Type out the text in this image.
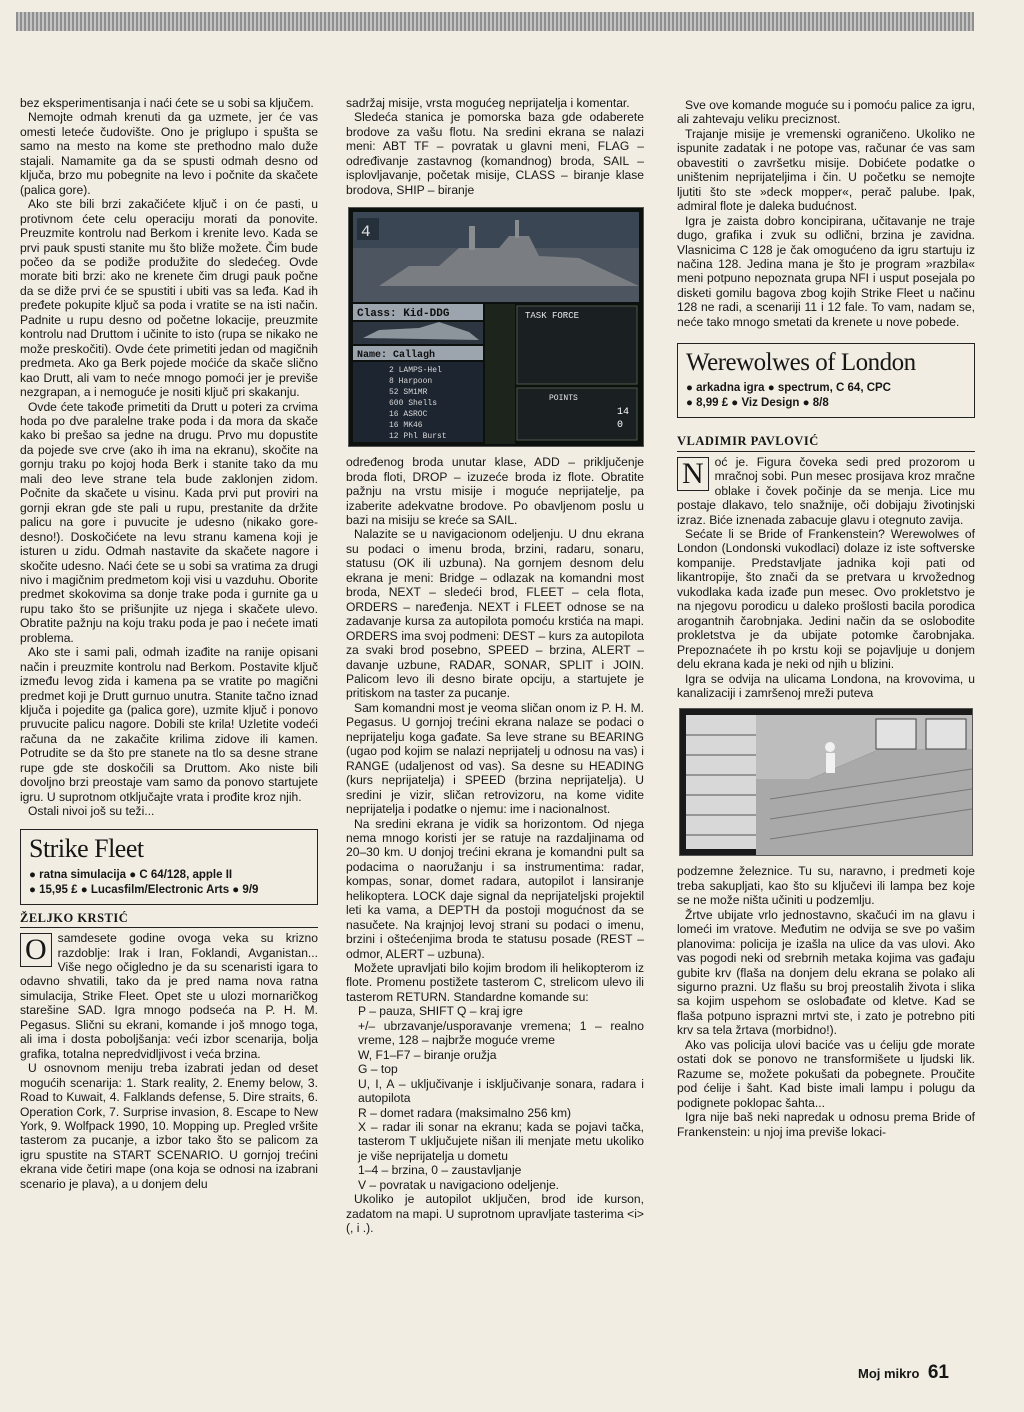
bez eksperimentisanja i naći ćete se u sobi sa ključem.

Nemojte odmah krenuti da ga uzmete, jer će vas omesti leteće čudovište. Ono je priglupo i spušta se samo na mesto na kome ste prethodno malo duže stajali. Namamite ga da se spusti odmah desno od ključa, brzo mu pobegnite na levo i počnite da skačete (palica gore).

Ako ste bili brzi zakačićete ključ i on će pasti, u protivnom ćete celu operaciju morati da ponovite. Preuzmite kontrolu nad Berkom i krenite levo. Kada se prvi pauk spusti stanite mu što bliže možete. Čim bude počeo da se podiže produžite do sledećeg. Ovde morate biti brzi: ako ne krenete čim drugi pauk počne da se diže prvi će se spustiti i ubiti vas sa leđa. Kad ih pređete pokupite ključ sa poda i vratite se na isti način. Padnite u rupu desno od početne lokacije, preuzmite kontrolu nad Druttom i učinite to isto (rupa se nikako ne može preskočiti). Ovde ćete primetiti jedan od magičnih predmeta. Ako ga Berk pojede moćiće da skače slično kao Drutt, ali vam to neće mnogo pomoći jer je previše nezgrapan, a i nemoguće je nositi ključ pri skakanju.

Ovde ćete takođe primetiti da Drutt u poteri za crvima hoda po dve paralelne trake poda i da mora da skače kako bi prešao sa jedne na drugu. Prvo mu dopustite da pojede sve crve (ako ih ima na ekranu), skočite na gornju traku po kojoj hoda Berk i stanite tako da mu mali deo leve strane tela bude zaklonjen zidom. Počnite da skačete u visinu. Kada prvi put proviri na gornji ekran gde ste pali u rupu, prestanite da držite palicu na gore i puvucite je udesno (nikako gore-desno!). Doskočićete na levu stranu kamena koji je isturen u zidu. Odmah nastavite da skačete nagore i skočite udesno. Naći ćete se u sobi sa vratima za drugi nivo i magičnim predmetom koji visi u vazduhu. Oborite predmet skokovima sa donje trake poda i gurnite ga u rupu tako što se prišunjite uz njega i skačete ulevo. Obratite pažnju na koju traku poda je pao i nećete imati problema.

Ako ste i sami pali, odmah izađite na ranije opisani način i preuzmite kontrolu nad Berkom. Postavite ključ između levog zida i kamena pa se vratite po magični predmet koji je Drutt gurnuo unutra. Stanite tačno iznad ključa i pojedite ga (palica gore), uzmite ključ i ponovo pruvucite palicu nagore. Dobili ste krila! Uzletite vodeći računa da ne zakačite krilima zidove ili kamen. Potrudite se da što pre stanete na tlo sa desne strane rupe gde ste doskočili sa Druttom. Ako niste bili dovoljno brzi preostaje vam samo da ponovo startujete igru. U suprotnom otključajte vrata i prođite kroz njih.

Ostali nivoi još su teži...

Strike Fleet
● ratna simulacija ● C 64/128, apple II
● 15,95 £ ● Lucasfilm/Electronic Arts ● 9/9
ŽELJKO KRSTIĆ

O samdesete godine ovoga veka su krizno razdoblje: Irak i Iran, Foklandi, Avganistan... Više nego očigledno je da su scenaristi igara to odavno shvatili, tako da je pred nama nova ratna simulacija, Strike Fleet. Opet ste u ulozi mornaričkog starešine SAD. Igra mnogo podseća na P. H. M. Pegasus. Slični su ekrani, komande i još mnogo toga, ali ima i dosta poboljšanja: veći izbor scenarija, bolja grafika, totalna nepredvidljivost i veća brzina.

U osnovnom meniju treba izabrati jedan od deset mogućih scenarija: 1. Stark reality, 2. Enemy below, 3. Road to Kuwait, 4. Falklands defense, 5. Dire straits, 6. Operation Cork, 7. Surprise invasion, 8. Escape to New York, 9. Wolfpack 1990, 10. Mopping up. Pregled vršite tasterom za pucanje, a izbor tako što se palicom za igru spustite na START SCENARIO. U gornjoj trećini ekrana vide četiri mape (ona koja se odnosi na izabrani scenario je plava), a u donjem delu

sadržaj misije, vrsta mogućeg neprijatelja i komentar.

Sledeća stanica je pomorska baza gde odaberete brodove za vašu flotu. Na sredini ekrana se nalazi meni: ABT TF – povratak u glavni meni, FLAG – određivanje zastavnog (komandnog) broda, SAIL – isplovljavanje, početak misije, CLASS – biranje klase brodova, SHIP – biranje

4
Class: Kid-DDG
Name: Callagh
TASK FORCE
POINTS
14
0
2 LAMPS-Hel
8 Harpoon
52 SM1MR
600 Shells
16 ASROC
16 MK46
12 Phl Burst

određenog broda unutar klase, ADD – priključenje broda floti, DROP – izuzeće broda iz flote. Obratite pažnju na vrstu misije i moguće neprijatelje, pa izaberite adekvatne brodove. Po obavljenom poslu u bazi na misiju se kreće sa SAIL.

Nalazite se u navigacionom odeljenju. U dnu ekrana su podaci o imenu broda, brzini, radaru, sonaru, statusu (OK ili uzbuna). Na gornjem desnom delu ekrana je meni: Bridge – odlazak na komandni most broda, NEXT – sledeći brod, FLEET – cela flota, ORDERS – naređenja. NEXT i FLEET odnose se na zadavanje kursa za autopilota pomoću krstića na mapi. ORDERS ima svoj podmeni: DEST – kurs za autopilota za svaki brod posebno, SPEED – brzina, ALERT – davanje uzbune, RADAR, SONAR, SPLIT i JOIN. Palicom levo ili desno birate opciju, a startujete je pritiskom na taster za pucanje.

Sam komandni most je veoma sličan onom iz P. H. M. Pegasus. U gornjoj trećini ekrana nalaze se podaci o neprijatelju koga gađate. Sa leve strane su BEARING (ugao pod kojim se nalazi neprijatelj u odnosu na vas) i RANGE (udaljenost od vas). Sa desne su HEADING (kurs neprijatelja) i SPEED (brzina neprijatelja). U sredini je vizir, sličan retrovizoru, na kome vidite neprijatelja i podatke o njemu: ime i nacionalnost.

Na sredini ekrana je vidik sa horizontom. Od njega nema mnogo koristi jer se ratuje na razdaljinama od 20–30 km. U donjoj trećini ekrana je komandni pult sa podacima o naoružanju i sa instrumentima: radar, kompas, sonar, domet radara, autopilot i lansiranje helikoptera. LOCK daje signal da neprijateljski projektil leti ka vama, a DEPTH da postoji mogućnost da se nasučete. Na krajnjoj levoj strani su podaci o imenu, brzini i oštećenjima broda te statusu posade (REST – odmor, ALERT – uzbuna).

Možete upravljati bilo kojim brodom ili helikopterom iz flote. Promenu postižete tasterom C, strelicom ulevo ili tasterom RETURN. Standardne komande su:

P – pauza, SHIFT Q – kraj igre

+/– ubrzavanje/usporavanje vremena; 1 – realno vreme, 128 – najbrže moguće vreme

W, F1–F7 – biranje oružja

G – top

U, I, A – uključivanje i isključivanje sonara, radara i autopilota

R – domet radara (maksimalno 256 km)

X – radar ili sonar na ekranu; kada se pojavi tačka, tasterom T uključujete nišan ili menjate metu ukoliko je više neprijatelja u dometu

1–4 – brzina, 0 – zaustavljanje

V – povratak u navigaciono odeljenje.

Ukoliko je autopilot uključen, brod ide kurson, zadatom na mapi. U suprotnom upravljate tasterima <i> (, i .).

Sve ove komande moguće su i pomoću palice za igru, ali zahtevaju veliku preciznost.

Trajanje misije je vremenski ograničeno. Ukoliko ne ispunite zadatak i ne potope vas, računar će vas sam obavestiti o završetku misije. Dobićete podatke o uništenim neprijateljima i čin. U početku se nemojte ljutiti što ste »deck mopper«, perač palube. Ipak, admiral flote je daleka budućnost.

Igra je zaista dobro koncipirana, učitavanje ne traje dugo, grafika i zvuk su odlični, brzina je zavidna. Vlasnicima C 128 je čak omogućeno da igru startuju iz načina 128. Jedina mana je što je program »razbila« meni potpuno nepoznata grupa NFI i usput posejala po disketi gomilu bagova zbog kojih Strike Fleet u načinu 128 ne radi, a scenariji 11 i 12 fale. To vam, nadam se, neće tako mnogo smetati da krenete u nove pobede.

Werewolwes of London
● arkadna igra ● spectrum, C 64, CPC
● 8,99 £ ● Viz Design ● 8/8
VLADIMIR PAVLOVIĆ

N oć je. Figura čoveka sedi pred prozorom u mračnoj sobi. Pun mesec prosijava kroz mračne oblake i čovek počinje da se menja. Lice mu postaje dlakavo, telo snažnije, oči dobijaju životinjski izraz. Biće iznenada zabacuje glavu i otegnuto zavija.

Sećate li se Bride of Frankenstein? Werewolwes of London (Londonski vukodlaci) dolaze iz iste softverske kompanije. Predstavljate jadnika koji pati od likantropije, što znači da se pretvara u krvožednog vukodlaka kada izađe pun mesec. Ovo prokletstvo je na njegovu porodicu u daleko prošlosti bacila porodica arogantnih čarobnjaka. Jedini način da se oslobodite prokletstva je da ubijate potomke čarobnjaka. Prepoznaćete ih po krstu koji se pojavljuje u donjem delu ekrana kada je neki od njih u blizini.

Igra se odvija na ulicama Londona, na krovovima, u kanalizaciji i zamršenoj mreži puteva

podzemne železnice. Tu su, naravno, i predmeti koje treba sakupljati, kao što su ključevi ili lampa bez koje se ne može ništa učiniti u podzemlju.

Žrtve ubijate vrlo jednostavno, skačući im na glavu i lomeći im vratove. Međutim ne odvija se sve po vašim planovima: policija je izašla na ulice da vas ulovi. Ako vas pogodi neki od srebrnih metaka kojima vas gađaju gubite krv (flaša na donjem delu ekrana se polako ali sigurno prazni. Uz flašu su broj preostalih života i slika sa kojim uspehom se oslobađate od kletve. Kad se flaša potpuno isprazni mrtvi ste, i zato je potrebno piti krv sa tela žrtava (morbidno!).

Ako vas policija ulovi baciće vas u ćeliju gde morate ostati dok se ponovo ne transformišete u ljudski lik. Razume se, možete pokušati da pobegnete. Proučite pod ćelije i šaht. Kad biste imali lampu i polugu da podignete poklopac šahta...

Igra nije baš neki napredak u odnosu prema Bride of Frankenstein: u njoj ima previše lokaci-

Moj mikro 61
